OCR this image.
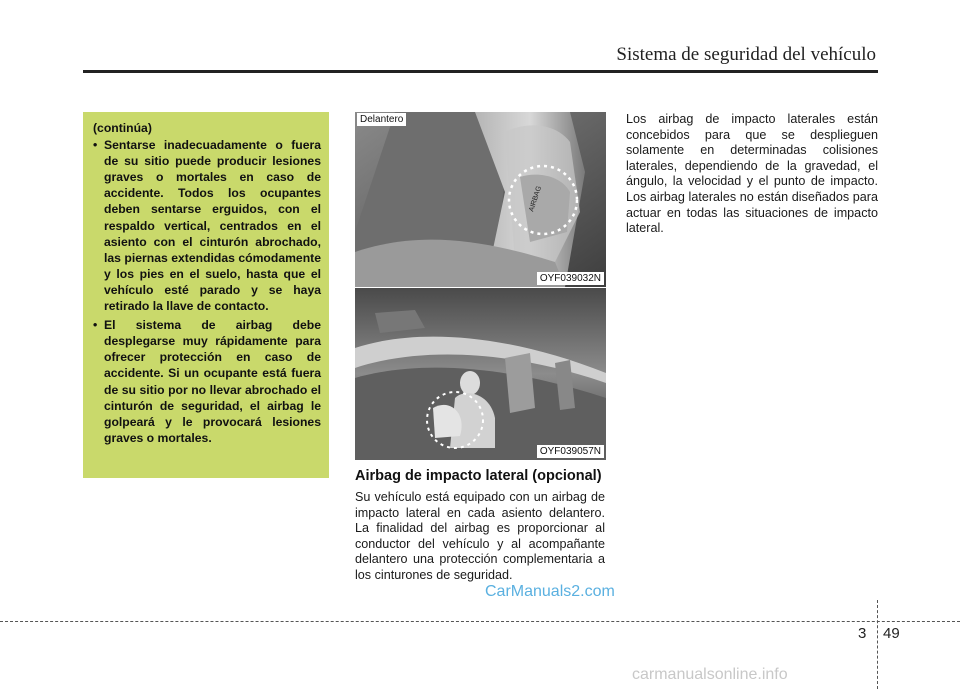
Sistema de seguridad del vehículo
(continúa)
• Sentarse inadecuadamente o fuera de su sitio puede producir lesiones graves o mortales en caso de accidente. Todos los ocupantes deben sentarse erguidos, con el respaldo vertical, centrados en el asiento con el cinturón abrochado, las piernas extendidas cómodamente y los pies en el suelo, hasta que el vehículo esté parado y se haya retirado la llave de contacto.
• El sistema de airbag debe desplegarse muy rápidamente para ofrecer protección en caso de accidente. Si un ocupante está fuera de su sitio por no llevar abrochado el cinturón de seguridad, el airbag le golpeará y le provocará lesiones graves o mortales.
AIRBAG
Delantero
OYF039032N
OYF039057N
Airbag de impacto lateral (opcional)
Su vehículo está equipado con un airbag de impacto lateral en cada asiento delantero. La finalidad del airbag es proporcionar al conductor del vehículo y al acompañante delantero una protección complementaria a los cinturones de seguridad.
Los airbag de impacto laterales están concebidos para que se desplieguen solamente en determinadas colisiones laterales, dependiendo de la gravedad, el ángulo, la velocidad y el punto de impacto. Los airbag laterales no están diseñados para actuar en todas las situaciones de impacto lateral.
CarManuals2.com
3 49
carmanualsonline.info
